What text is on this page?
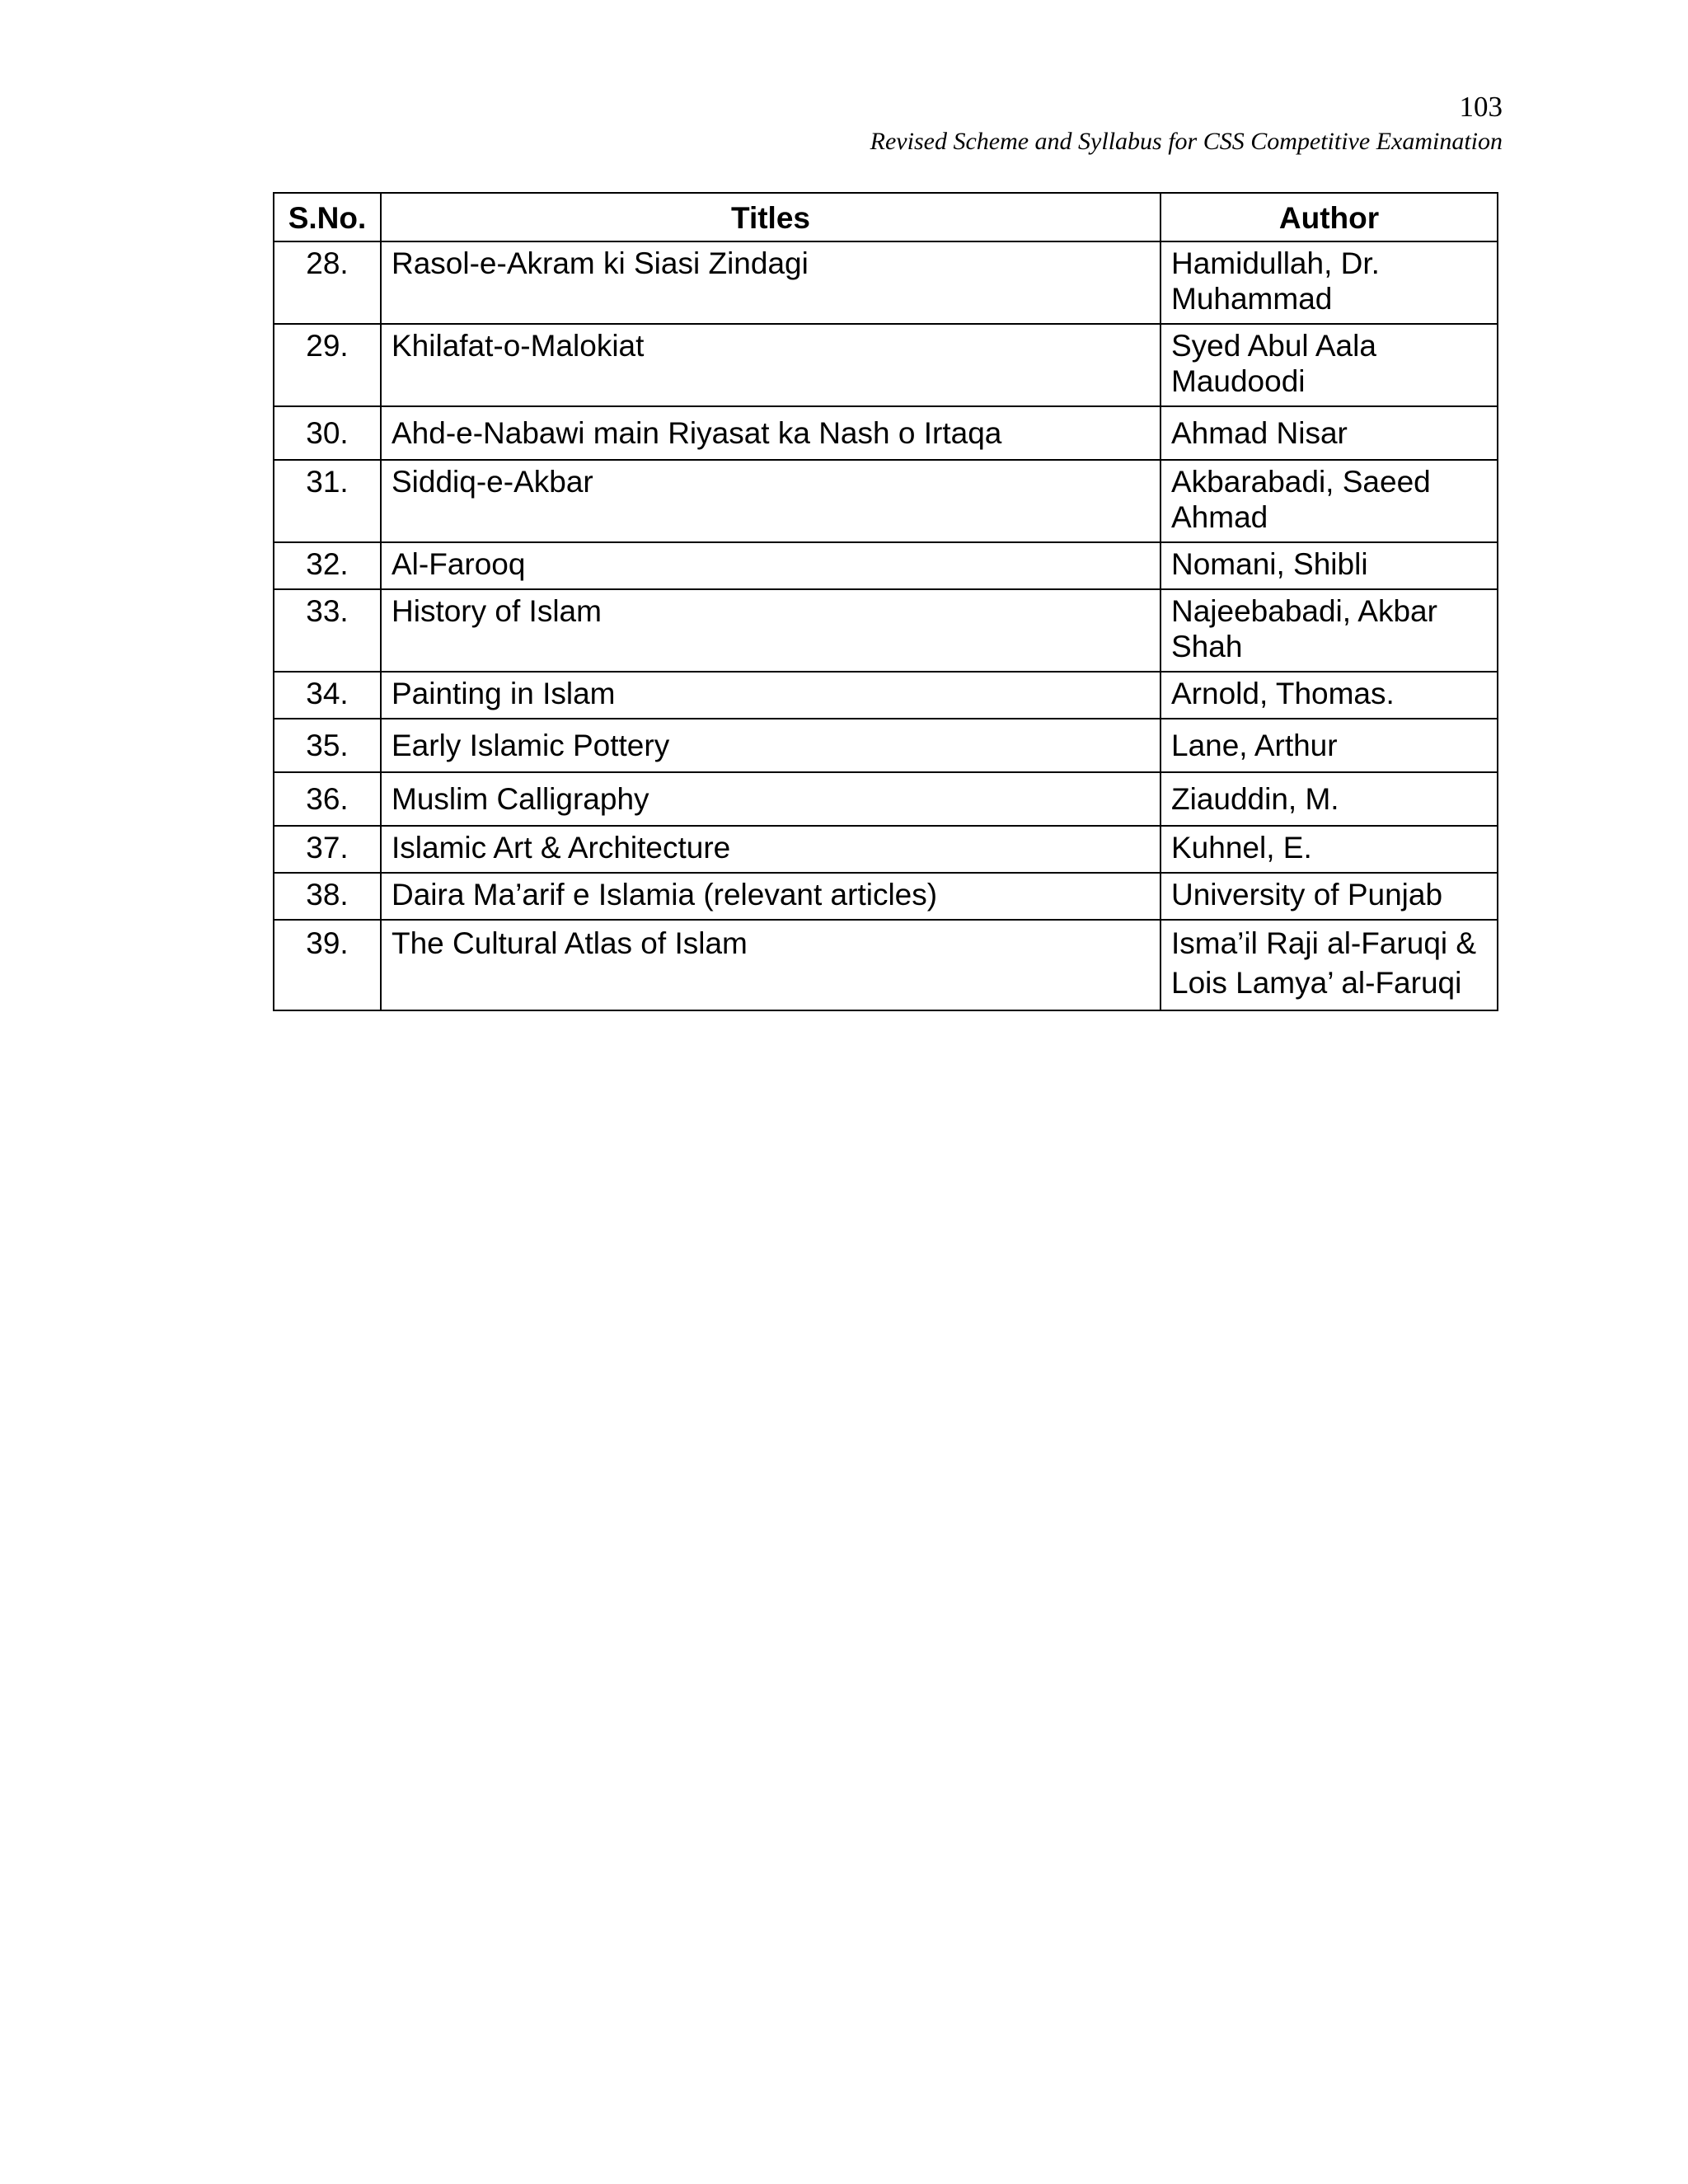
103
Revised Scheme and Syllabus for CSS Competitive Examination
S.No.	Titles	Author
28.	Rasol-e-Akram ki Siasi Zindagi	Hamidullah, Dr. Muhammad
29.	Khilafat-o-Malokiat	Syed Abul Aala Maudoodi
30.	Ahd-e-Nabawi main Riyasat ka Nash o Irtaqa	Ahmad Nisar
31.	Siddiq-e-Akbar	Akbarabadi, Saeed Ahmad
32.	Al-Farooq	Nomani, Shibli
33.	History of Islam	Najeebabadi, Akbar Shah
34.	Painting in Islam	Arnold, Thomas.
35.	Early Islamic Pottery	Lane, Arthur
36.	Muslim Calligraphy	Ziauddin, M.
37.	Islamic Art & Architecture	Kuhnel, E.
38.	Daira Ma’arif e Islamia (relevant articles)	University of Punjab
39.	The Cultural Atlas of Islam	Isma’il Raji al-Faruqi & Lois Lamya’ al-Faruqi
